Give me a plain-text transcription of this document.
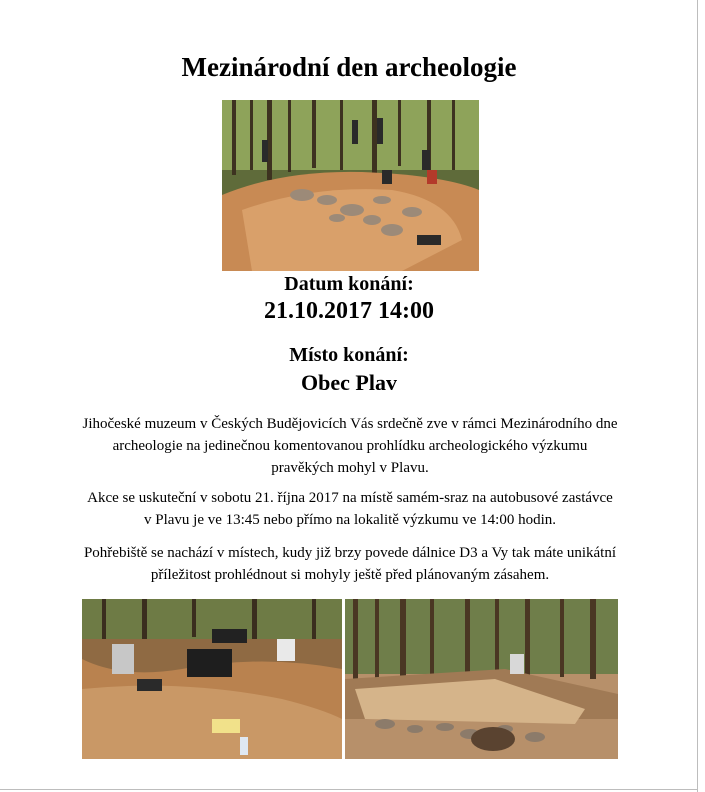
Mezinárodní den archeologie
Datum konání:
21.10.2017 14:00
Místo konání:
Obec Plav
Jihočeské muzeum v Českých Budějovicích Vás srdečně zve v rámci Mezinárodního dne archeologie na jedinečnou komentovanou prohlídku archeologického výzkumu pravěkých mohyl v Plavu.
Akce se uskuteční v sobotu 21. října 2017 na místě samém-sraz na autobusové zastávce v Plavu je ve 13:45 nebo přímo na lokalitě výzkumu ve 14:00 hodin.
Pohřebiště se nachází v místech, kudy již brzy povede dálnice D3 a Vy tak máte unikátní příležitost prohlédnout si mohyly ještě před plánovaným zásahem.
